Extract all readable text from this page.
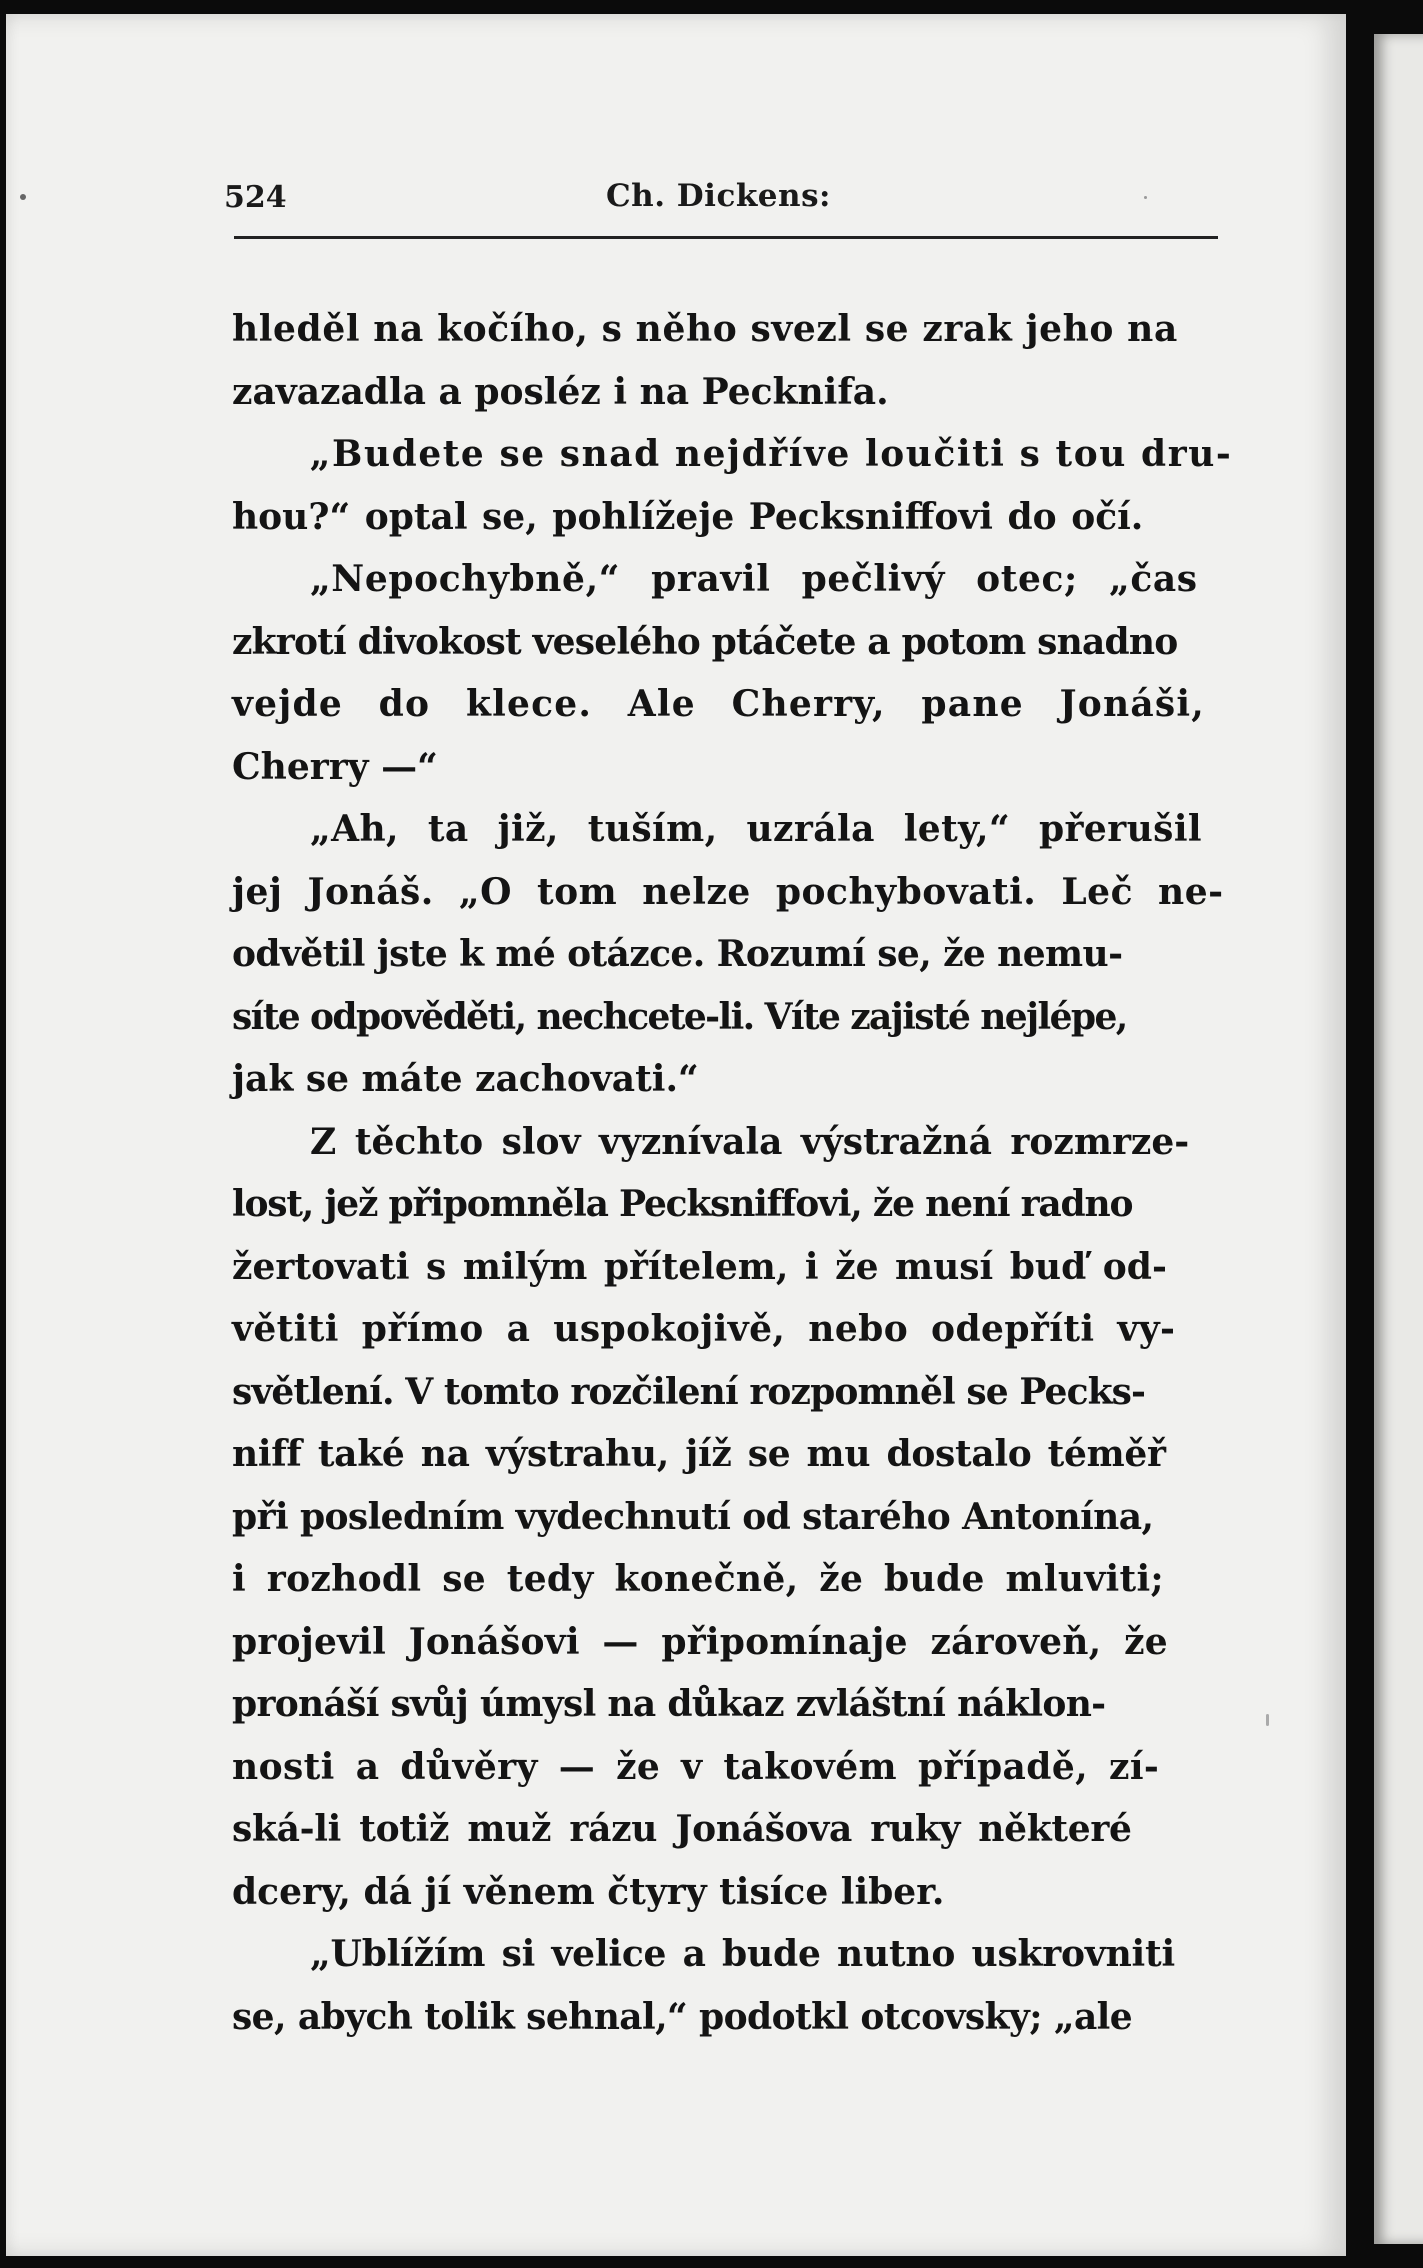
524	Ch. Dickens:
hleděl na kočího, s něho svezl se zrak jeho na
zavazadla a posléz i na Pecknifa.
„Budete se snad nejdříve loučiti s tou dru-
hou?“ optal se, pohlížeje Pecksniffovi do očí.
„Nepochybně,“ pravil pečlivý otec; „čas
zkrotí divokost veselého ptáčete a potom snadno
vejde do klece. Ale Cherry, pane Jonáši,
Cherry —“
„Ah, ta již, tuším, uzrála lety,“ přerušil
jej Jonáš. „O tom nelze pochybovati. Leč ne-
odvětil jste k mé otázce. Rozumí se, že nemu-
síte odpověděti, nechcete-li. Víte zajisté nejlépe,
jak se máte zachovati.“
Z těchto slov vyznívala výstražná rozmrze-
lost, jež připomněla Pecksniffovi, že není radno
žertovati s milým přítelem, i že musí buď od-
větiti přímo a uspokojivě, nebo odepříti vy-
světlení. V tomto rozčilení rozpomněl se Pecks-
niff také na výstrahu, jíž se mu dostalo téměř
při posledním vydechnutí od starého Antonína,
i rozhodl se tedy konečně, že bude mluviti;
projevil Jonášovi — připomínaje zároveň, že
pronáší svůj úmysl na důkaz zvláštní náklon-
nosti a důvěry — že v takovém případě, zí-
ská-li totiž muž rázu Jonášova ruky některé
dcery, dá jí věnem čtyry tisíce liber.
„Ublížím si velice a bude nutno uskrovniti
se, abych tolik sehnal,“ podotkl otcovsky; „ale
